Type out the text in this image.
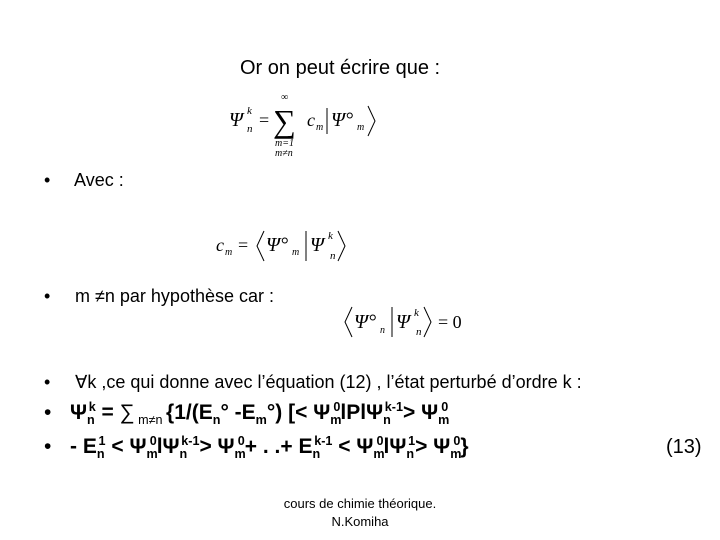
Or on peut écrire que :
Ψ k
n =
∞
∑
m=1
m≠n
c m Ψ° m
• Avec :
c m = Ψ° m Ψ k
n
• m ≠n par hypothèse car :
Ψ° n Ψ k
n = 0
• ∀k ,ce qui donne avec l’équation (12) , l’état perturbé d’ordre k :
• $\Psi_n^k$ = ∑ $_{m\ne n}$ {$1/(E_n^\circ$ $-E_m^\circ$) [< $\Psi_m^0lPl\Psi_n^{k-1}> \Psi_m^0$
• - $E_n^1 < \Psi_m^0l\Psi_n^{k-1}> \Psi_m^0+$ . .+ $E_n^{k-1} < \Psi_m^0l\Psi_n^1> \Psi_m^0$}	(13)
cours de chimie théorique.
N.Komiha
